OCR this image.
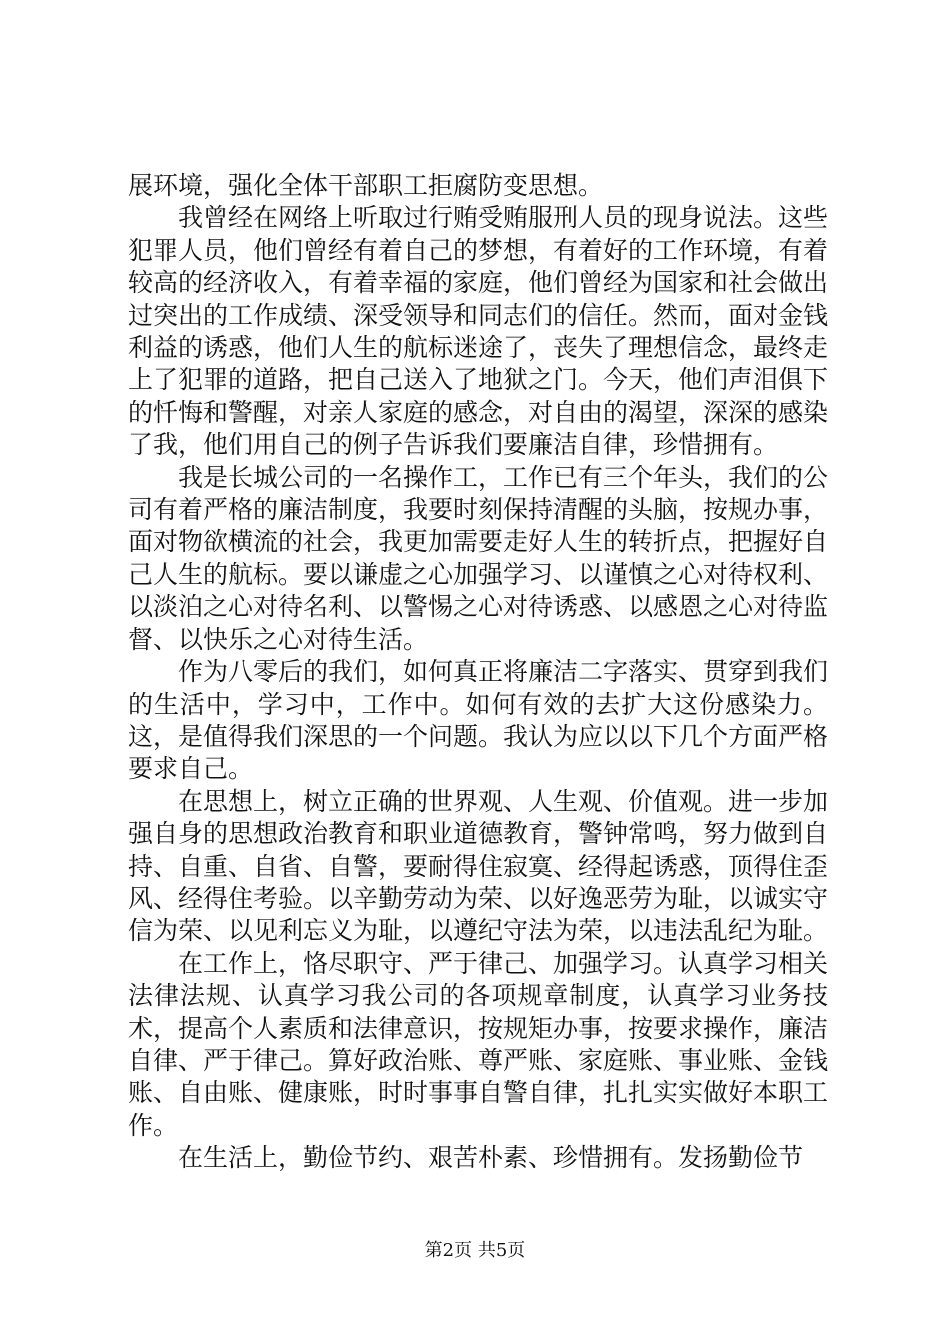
展环境，强化全体干部职工拒腐防变思想。

我曾经在网络上听取过行贿受贿服刑人员的现身说法。这些犯罪人员，他们曾经有着自己的梦想，有着好的工作环境，有着较高的经济收入，有着幸福的家庭，他们曾经为国家和社会做出过突出的工作成绩、深受领导和同志们的信任。然而，面对金钱利益的诱惑，他们人生的航标迷途了，丧失了理想信念，最终走上了犯罪的道路，把自己送入了地狱之门。今天，他们声泪俱下的忏悔和警醒，对亲人家庭的感念，对自由的渴望，深深的感染了我，他们用自己的例子告诉我们要廉洁自律，珍惜拥有。

我是长城公司的一名操作工，工作已有三个年头，我们的公司有着严格的廉洁制度，我要时刻保持清醒的头脑，按规办事，面对物欲横流的社会，我更加需要走好人生的转折点，把握好自己人生的航标。要以谦虚之心加强学习、以谨慎之心对待权利、以淡泊之心对待名利、以警惕之心对待诱惑、以感恩之心对待监督、以快乐之心对待生活。

作为八零后的我们，如何真正将廉洁二字落实、贯穿到我们的生活中，学习中，工作中。如何有效的去扩大这份感染力。这，是值得我们深思的一个问题。我认为应以以下几个方面严格要求自己。

在思想上，树立正确的世界观、人生观、价值观。进一步加强自身的思想政治教育和职业道德教育，警钟常鸣，努力做到自持、自重、自省、自警，要耐得住寂寞、经得起诱惑，顶得住歪风、经得住考验。以辛勤劳动为荣、以好逸恶劳为耻，以诚实守信为荣、以见利忘义为耻，以遵纪守法为荣，以违法乱纪为耻。

在工作上，恪尽职守、严于律己、加强学习。认真学习相关法律法规、认真学习我公司的各项规章制度，认真学习业务技术，提高个人素质和法律意识，按规矩办事，按要求操作，廉洁自律、严于律己。算好政治账、尊严账、家庭账、事业账、金钱账、自由账、健康账，时时事事自警自律，扎扎实实做好本职工作。

在生活上，勤俭节约、艰苦朴素、珍惜拥有。发扬勤俭节

第2页 共5页
